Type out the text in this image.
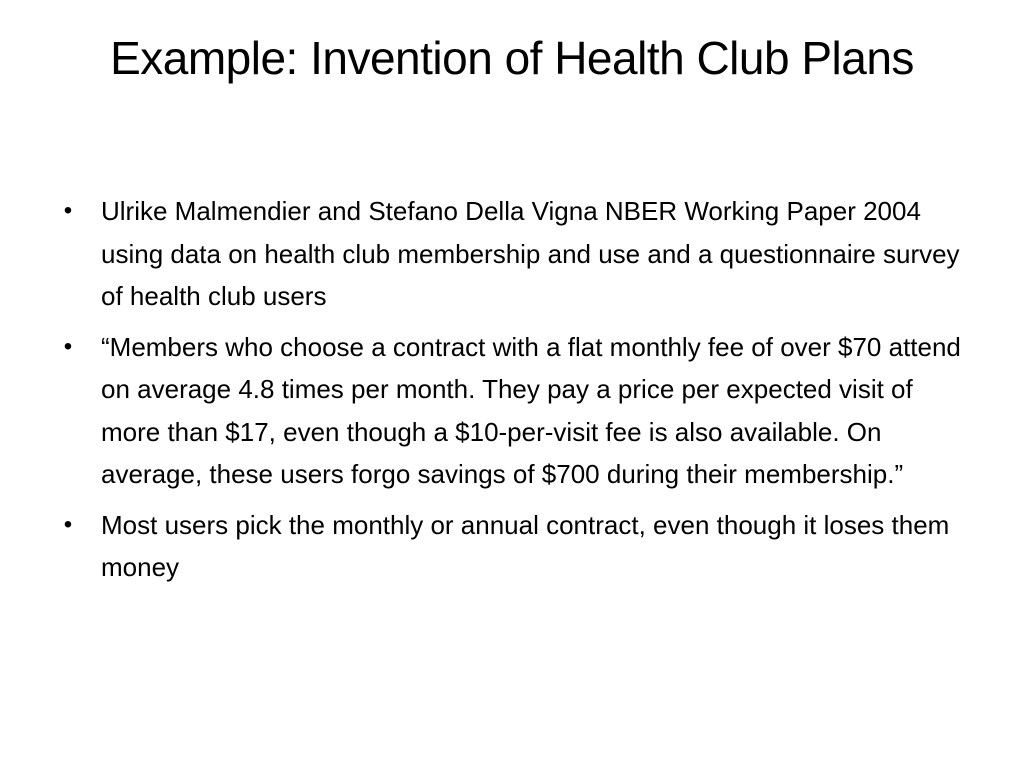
Example: Invention of Health Club Plans
• Ulrike Malmendier and Stefano Della Vigna NBER Working Paper 2004 using data on health club membership and use and a questionnaire survey of health club users
• “Members who choose a contract with a flat monthly fee of over $70 attend on average 4.8 times per month. They pay a price per expected visit of more than $17, even though a $10-per-visit fee is also available. On average, these users forgo savings of $700 during their membership.”
• Most users pick the monthly or annual contract, even though it loses them money
